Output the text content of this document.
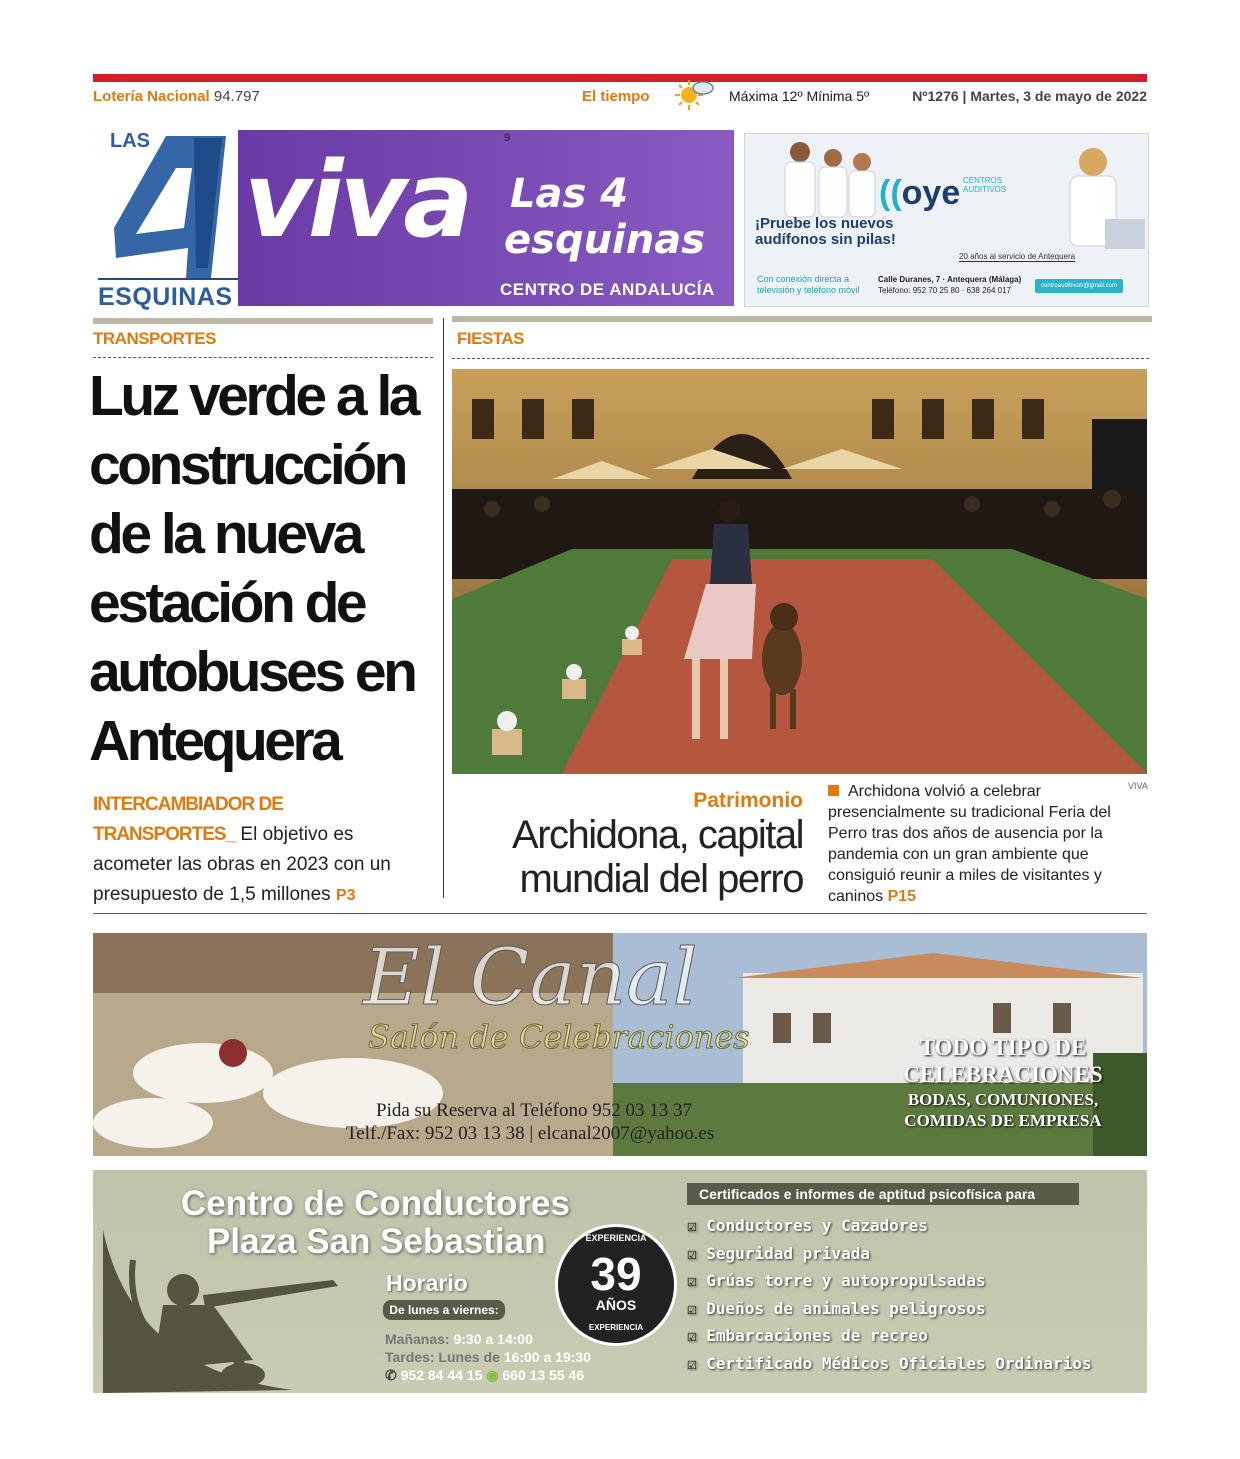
Lotería Nacional 94.797	El tiempo	Máxima 12º Mínima 5º	Nº1276 | Martes, 3 de mayo de 2022
LAS
ESQUINAS
viva Las 4
esquinas
CENTRO DE ANDALUCÍA
9
((oye CENTROS AUDITIVOS
¡Pruebe los nuevos audífonos sin pilas!
20 años al servicio de Antequera
Con conexión directa a televisión y teléfono móvil
Calle Duranes, 7 · Antequera (Málaga)
Teléfono: 952 70 25 80 · 638 264 017	centroauditivom@gmail.com
TRANSPORTES
Luz verde a la construcción de la nueva estación de autobuses en Antequera
INTERCAMBIADOR DE TRANSPORTES_ El objetivo es acometer las obras en 2023 con un presupuesto de 1,5 millones P3
FIESTAS
VIVA
Patrimonio
Archidona, capital mundial del perro
Archidona volvió a celebrar presencialmente su tradicional Feria del Perro tras dos años de ausencia por la pandemia con un gran ambiente que consiguió reunir a miles de visitantes y caninos P15
El Canal
Salón de Celebraciones
Pida su Reserva al Teléfono 952 03 13 37
Telf./Fax: 952 03 13 38 | elcanal2007@yahoo.es
TODO TIPO DE
CELEBRACIONES
BODAS, COMUNIONES,
COMIDAS DE EMPRESA
Centro de Conductores
Plaza San Sebastian
Horario
De lunes a viernes:
Mañanas: 9:30 a 14:00
Tardes: Lunes de 16:00 a 19:30
✆ 952 84 44 15 ◉ 660 13 55 46
EXPERIENCIA
39
AÑOS
EXPERIENCIA
Certificados e informes de aptitud psicofísica para
☑ Conductores y Cazadores
☑ Seguridad privada
☑ Grúas torre y autopropulsadas
☑ Dueños de animales peligrosos
☑ Embarcaciones de recreo
☑ Certificado Médicos Oficiales Ordinarios
